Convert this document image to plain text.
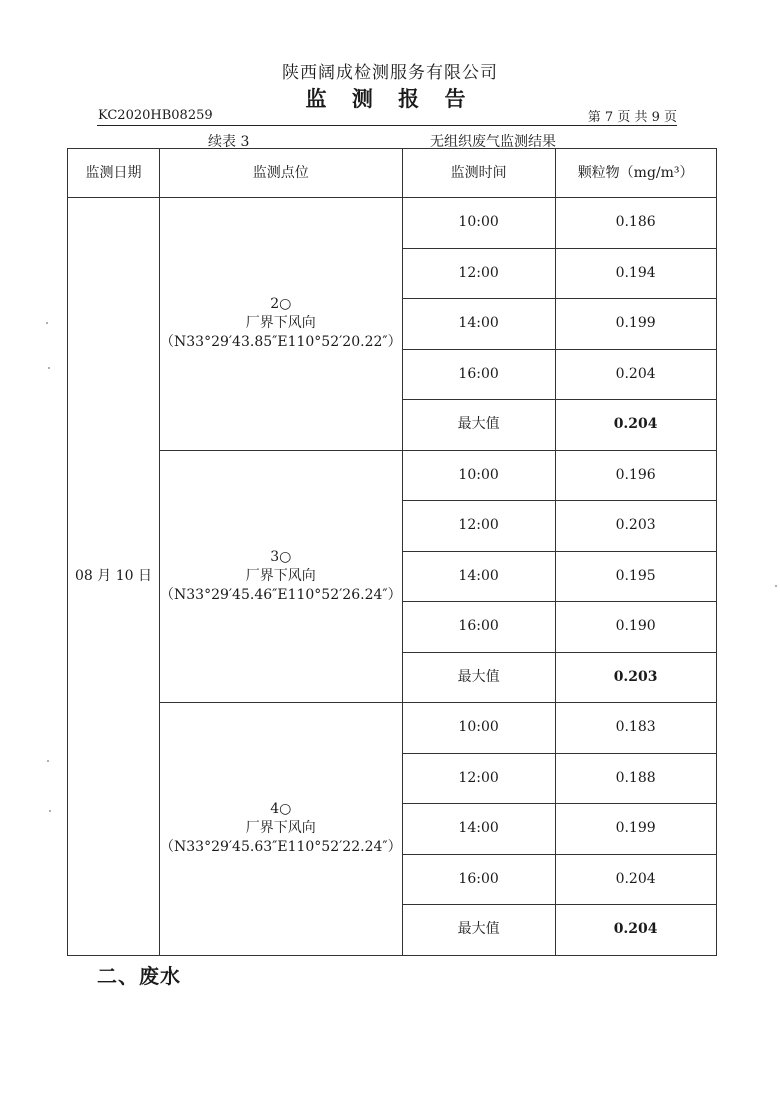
陕西阔成检测服务有限公司
监 测 报 告
KC2020HB08259	第 7 页 共 9 页
续表 3	无组织废气监测结果
监测日期	监测点位	监测时间	颗粒物（mg/m³）
08 月 10 日	2○
厂界下风向
（N33°29′43.85″E110°52′20.22″）	10:00	0.186
		12:00	0.194
		14:00	0.199
		16:00	0.204
		最大值	0.204

	3○
厂界下风向
（N33°29′45.46″E110°52′26.24″）	10:00	0.196
		12:00	0.203
		14:00	0.195
		16:00	0.190
		最大值	0.203

	4○
厂界下风向
（N33°29′45.63″E110°52′22.24″）	10:00	0.183
		12:00	0.188
		14:00	0.199
		16:00	0.204
		最大值	0.204
二、废水
